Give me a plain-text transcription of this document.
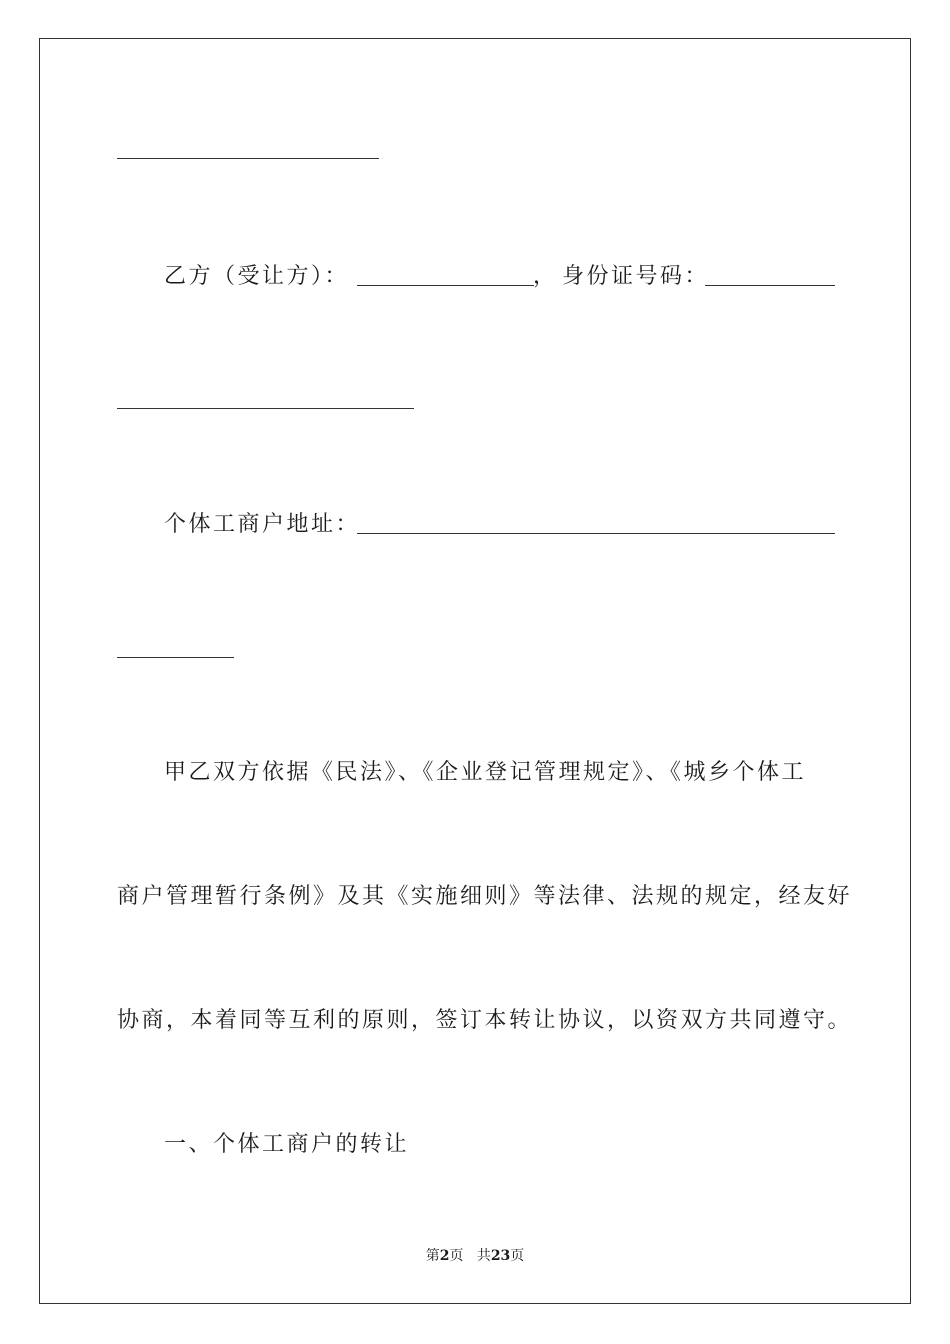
乙方（受让方）：	， 身份证号码：
个体工商户地址：
甲乙双方依据《民法》、《企业登记管理规定》、《城乡个体工
商户管理暂行条例》及其《实施细则》等法律、法规的规定，经友好
协商，本着同等互利的原则，签订本转让协议，以资双方共同遵守。
一、个体工商户的转让
第2页 共23页
